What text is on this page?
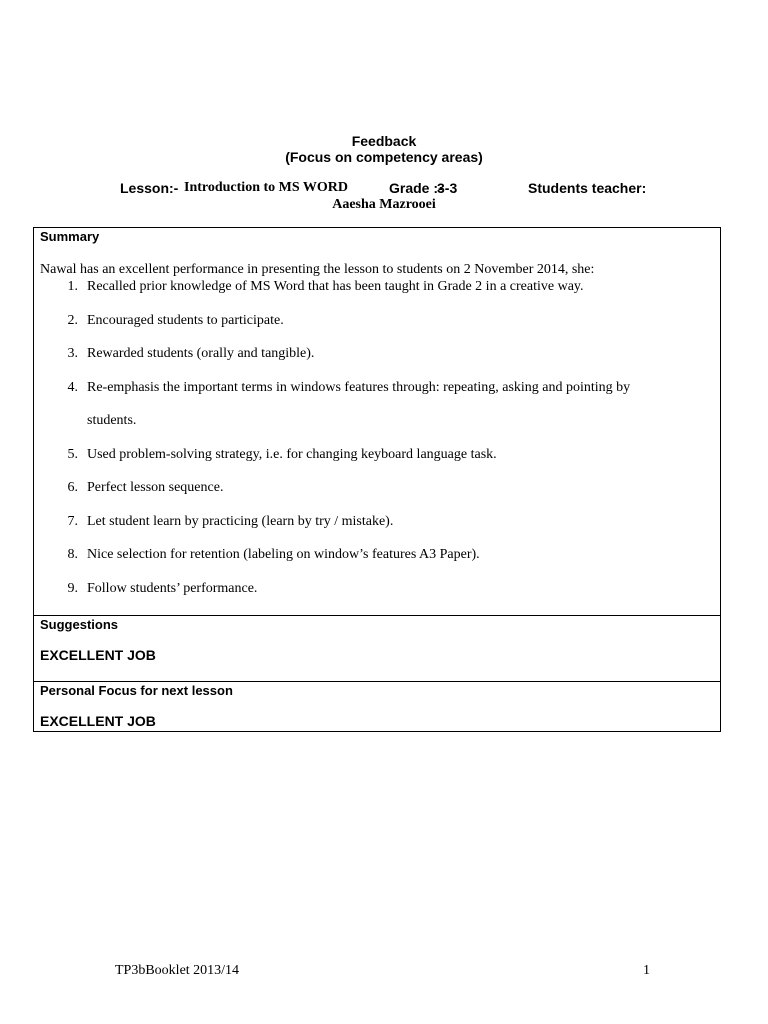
Feedback
(Focus on competency areas)
Lesson:- Introduction to MS WORD	Grade :-
3-3	Students teacher:
Aaesha Mazrooei
Summary
Nawal has an excellent performance in presenting the lesson to students on 2 November 2014, she:
1. Recalled prior knowledge of MS Word that has been taught in Grade 2 in a creative way.
2. Encouraged students to participate.
3. Rewarded students (orally and tangible).
4. Re-emphasis the important terms in windows features through: repeating, asking and pointing by
students.
5. Used problem-solving strategy, i.e. for changing keyboard language task.
6. Perfect lesson sequence.
7. Let student learn by practicing (learn by try / mistake).
8. Nice selection for retention (labeling on window’s features A3 Paper).
9. Follow students’ performance.
Suggestions
EXCELLENT JOB
Personal Focus for next lesson
EXCELLENT JOB
TP3bBooklet 2013/14	1
